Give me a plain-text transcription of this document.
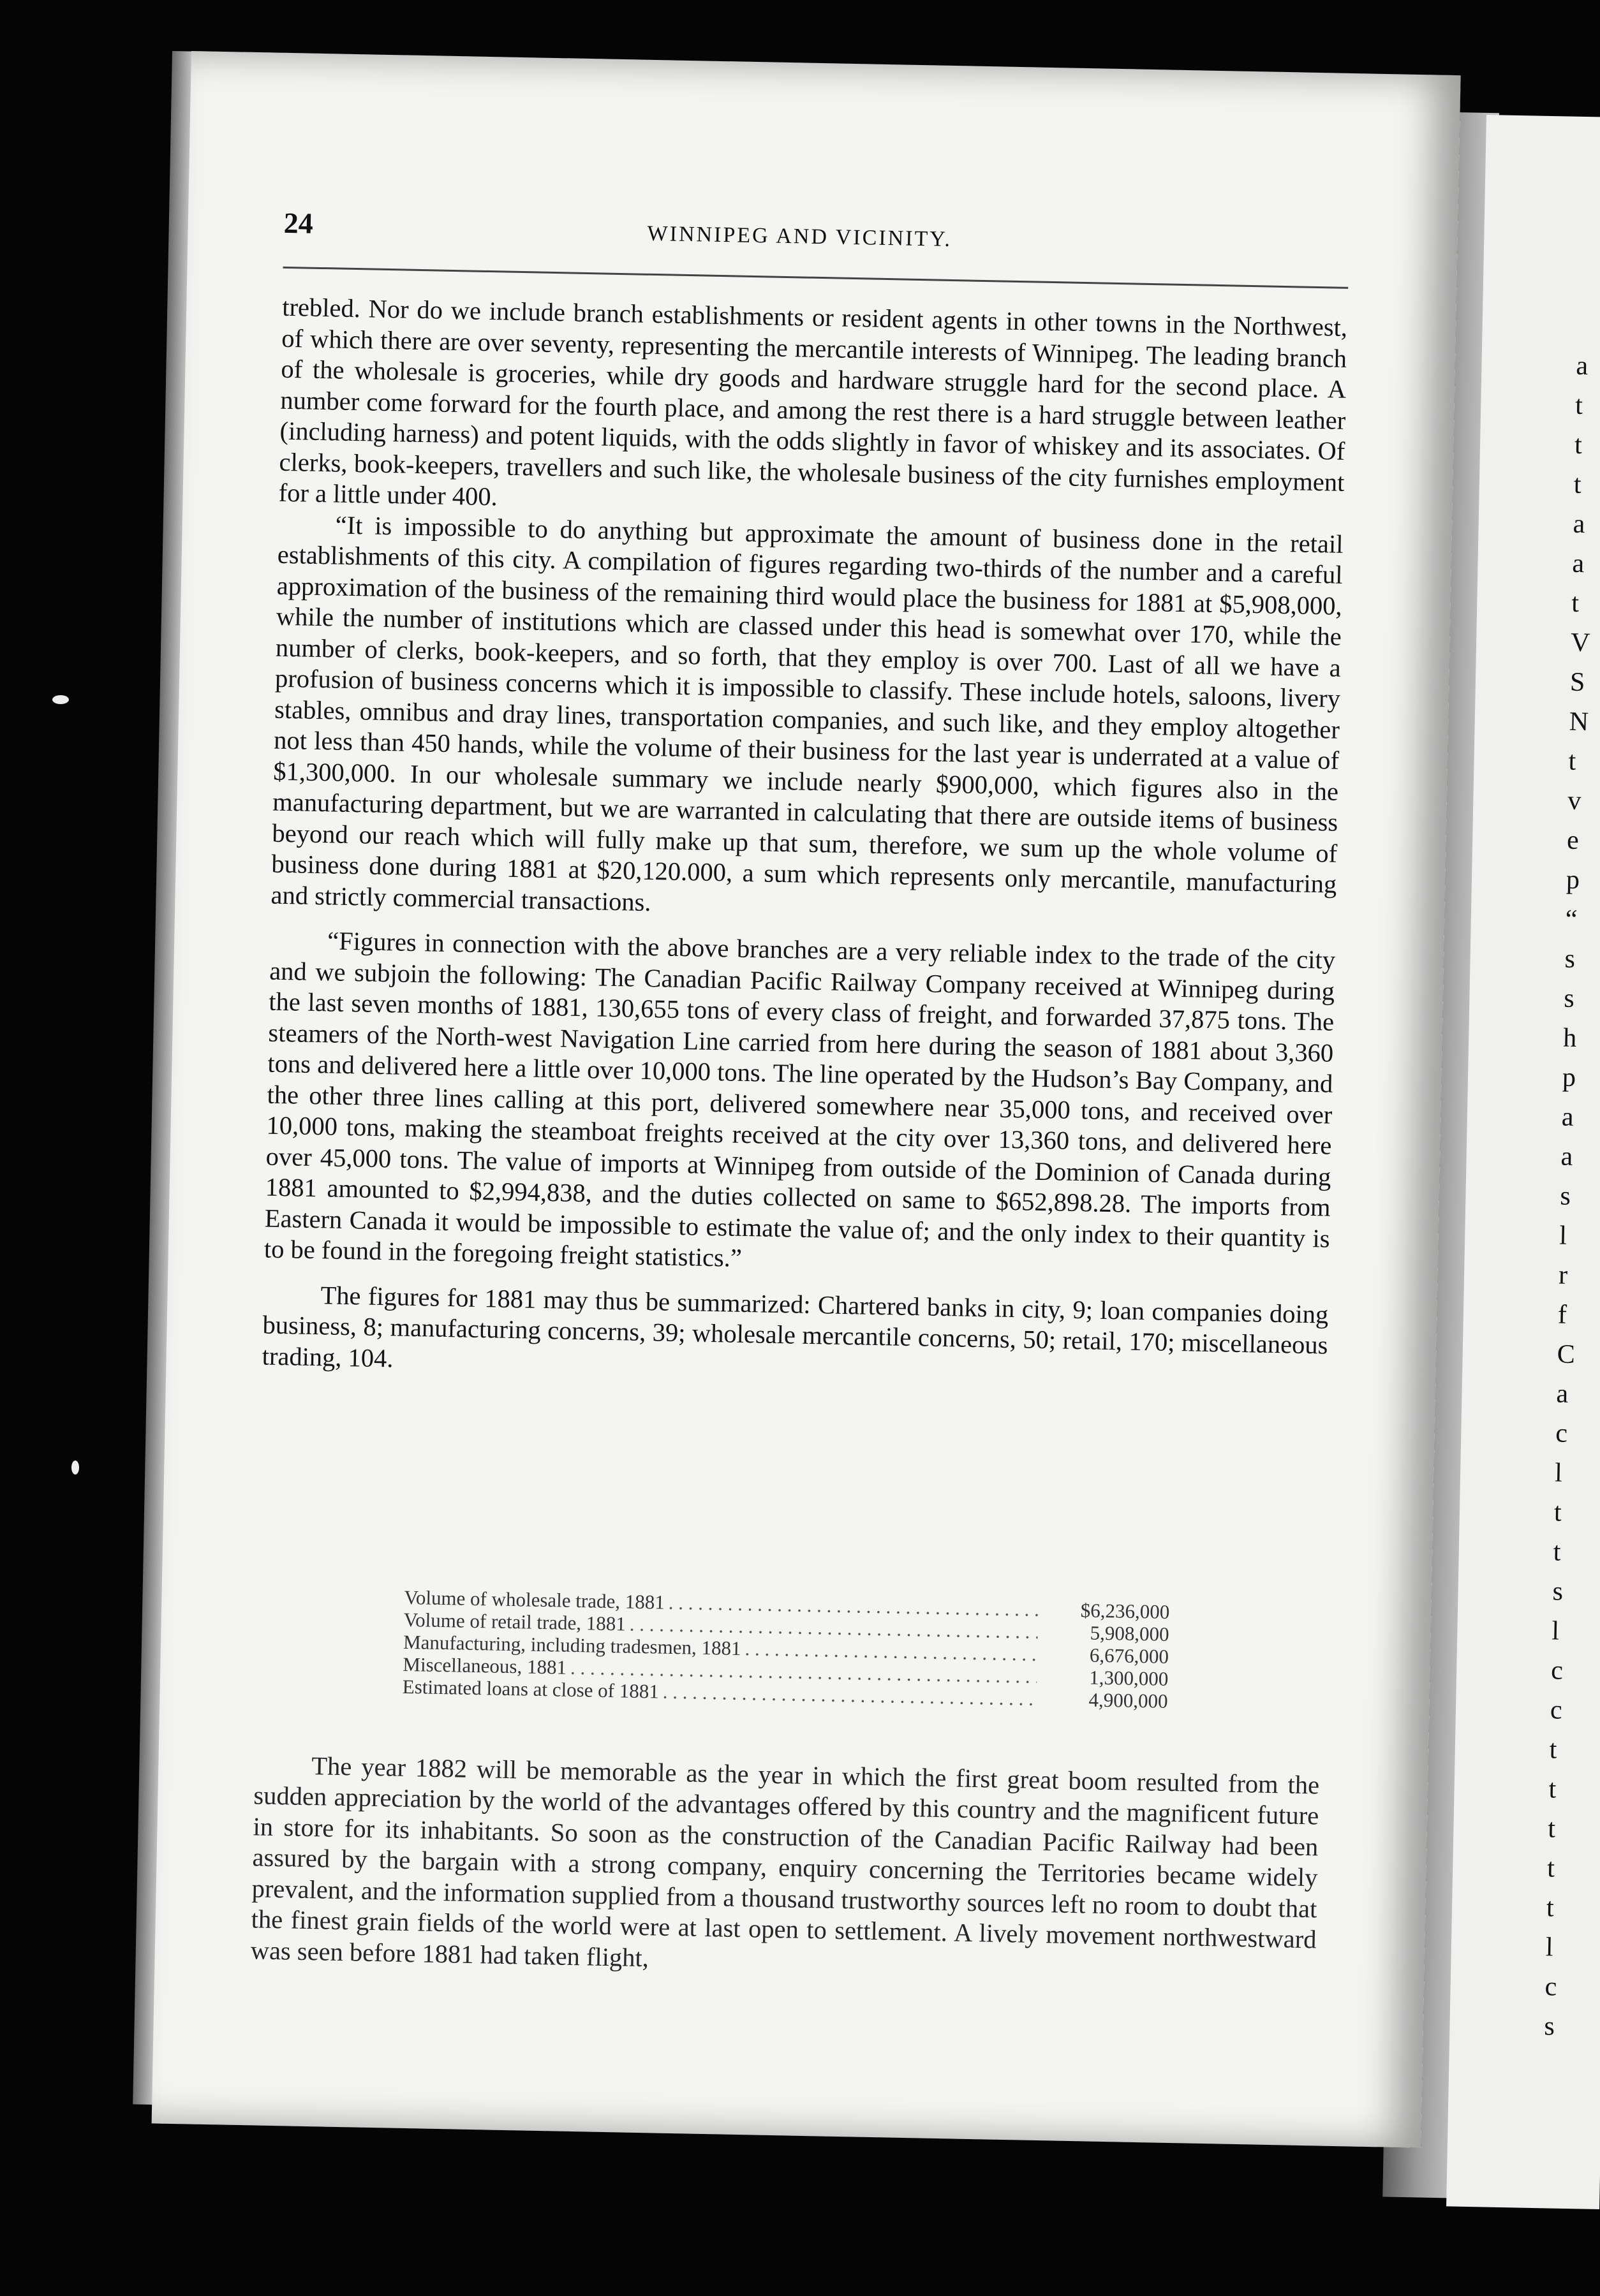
a
t
t
t
a
a
t
V
S
N
t
v
e
p
“
s
s
h
p
a
a
s
l
r
f
C
a
c
l
t
t
s
l
c
c
t
t
t
t
t
l
c
s
24	WINNIPEG AND VICINITY.

trebled. Nor do we include branch establishments or resident agents in other towns in the Northwest, of which there are over seventy, representing the mercantile interests of Winnipeg. The leading branch of the wholesale is groceries, while dry goods and hardware struggle hard for the second place. A number come forward for the fourth place, and among the rest there is a hard struggle between leather (including harness) and potent liquids, with the odds slightly in favor of whiskey and its associates. Of clerks, book-keepers, travellers and such like, the wholesale business of the city furnishes employment for a little under 400.

“It is impossible to do anything but approximate the amount of business done in the retail establishments of this city. A compilation of figures regarding two-thirds of the number and a careful approximation of the business of the remaining third would place the business for 1881 at $5,908,000, while the number of institutions which are classed under this head is somewhat over 170, while the number of clerks, book-keepers, and so forth, that they employ is over 700. Last of all we have a profusion of business concerns which it is impossible to classify. These include hotels, saloons, livery stables, omnibus and dray lines, transportation companies, and such like, and they employ altogether not less than 450 hands, while the volume of their business for the last year is underrated at a value of $1,300,000. In our wholesale summary we include nearly $900,000, which figures also in the manufacturing department, but we are warranted in calculating that there are outside items of business beyond our reach which will fully make up that sum, therefore, we sum up the whole volume of business done during 1881 at $20,120.000, a sum which represents only mercantile, manufacturing and strictly commercial transactions.

“Figures in connection with the above branches are a very reliable index to the trade of the city and we subjoin the following: The Canadian Pacific Railway Company received at Winnipeg during the last seven months of 1881, 130,655 tons of every class of freight, and forwarded 37,875 tons. The steamers of the North-west Navigation Line carried from here during the season of 1881 about 3,360 tons and delivered here a little over 10,000 tons. The line operated by the Hudson’s Bay Company, and the other three lines calling at this port, delivered somewhere near 35,000 tons, and received over 10,000 tons, making the steamboat freights received at the city over 13,360 tons, and delivered here over 45,000 tons. The value of imports at Winnipeg from outside of the Dominion of Canada during 1881 amounted to $2,994,838, and the duties collected on same to $652,898.28. The imports from Eastern Canada it would be impossible to estimate the value of; and the only index to their quantity is to be found in the foregoing freight statistics.”

The figures for 1881 may thus be summarized: Chartered banks in city, 9; loan companies doing business, 8; manufacturing concerns, 39; wholesale mercantile concerns, 50; retail, 170; miscellaneous trading, 104.

Volume of wholesale trade, 1881 . . .	$6,236,000
Volume of retail trade, 1881 . . .	5,908,000
Manufacturing, including tradesmen, 1881 . . .	6,676,000
Miscellaneous, 1881 . . .	1,300,000
Estimated loans at close of 1881 . . .	4,900,000

The year 1882 will be memorable as the year in which the first great boom resulted from the sudden appreciation by the world of the advantages offered by this country and the magnificent future in store for its inhabitants. So soon as the construction of the Canadian Pacific Railway had been assured by the bargain with a strong company, enquiry concerning the Territories became widely prevalent, and the information supplied from a thousand trustworthy sources left no room to doubt that the finest grain fields of the world were at last open to settlement. A lively movement northwestward was seen before 1881 had taken flight,
